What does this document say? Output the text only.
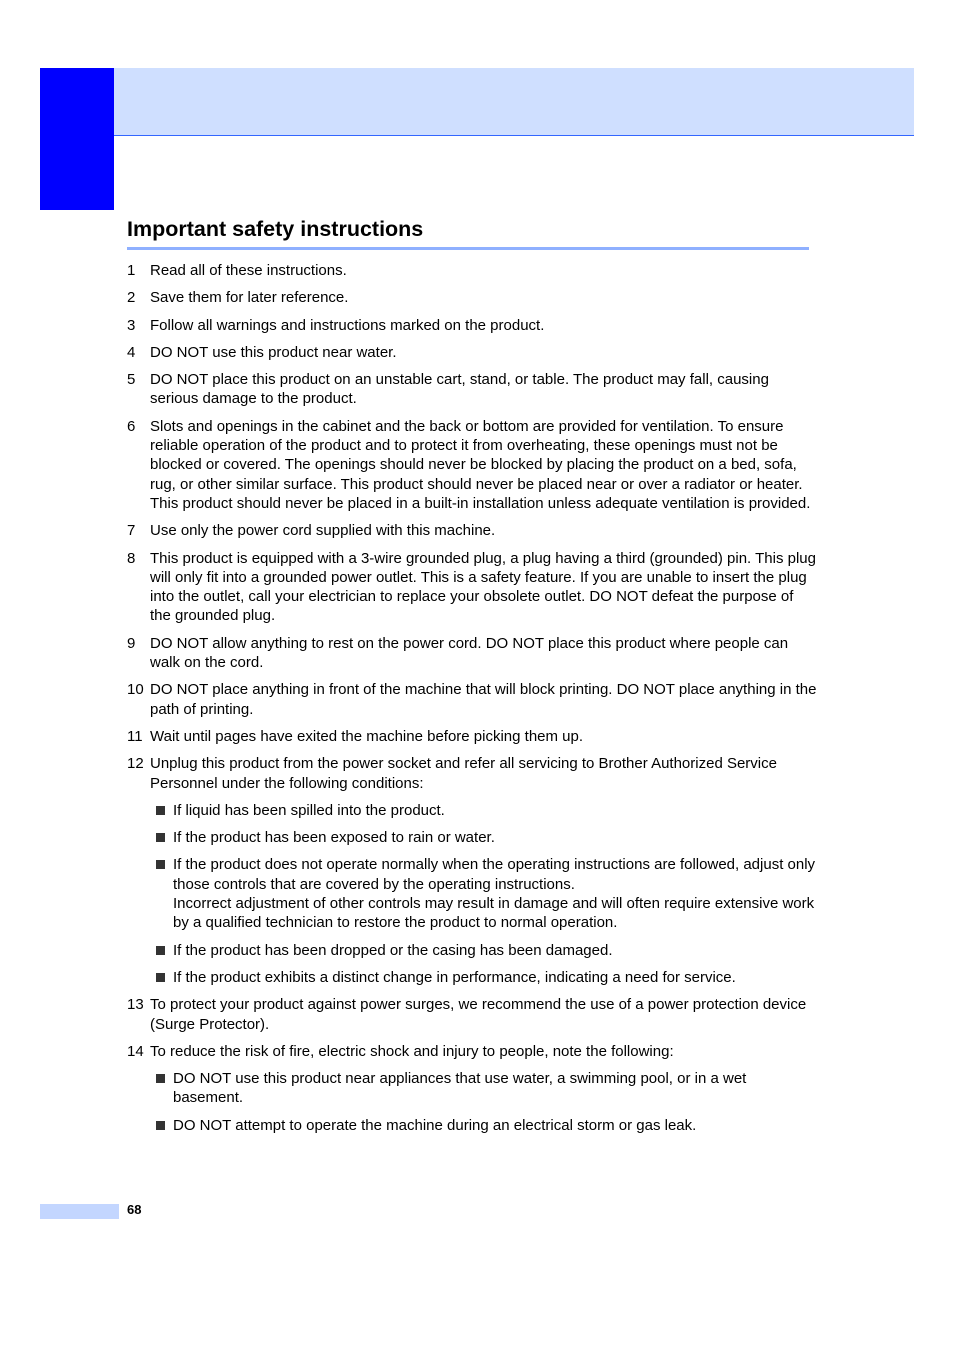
Important safety instructions
1 Read all of these instructions.
2 Save them for later reference.
3 Follow all warnings and instructions marked on the product.
4 DO NOT use this product near water.
5 DO NOT place this product on an unstable cart, stand, or table. The product may fall, causing serious damage to the product.
6 Slots and openings in the cabinet and the back or bottom are provided for ventilation. To ensure reliable operation of the product and to protect it from overheating, these openings must not be blocked or covered. The openings should never be blocked by placing the product on a bed, sofa, rug, or other similar surface. This product should never be placed near or over a radiator or heater. This product should never be placed in a built-in installation unless adequate ventilation is provided.
7 Use only the power cord supplied with this machine.
8 This product is equipped with a 3-wire grounded plug, a plug having a third (grounded) pin. This plug will only fit into a grounded power outlet. This is a safety feature. If you are unable to insert the plug into the outlet, call your electrician to replace your obsolete outlet. DO NOT defeat the purpose of the grounded plug.
9 DO NOT allow anything to rest on the power cord. DO NOT place this product where people can walk on the cord.
10 DO NOT place anything in front of the machine that will block printing. DO NOT place anything in the path of printing.
11 Wait until pages have exited the machine before picking them up.
12 Unplug this product from the power socket and refer all servicing to Brother Authorized Service Personnel under the following conditions:
If liquid has been spilled into the product.
If the product has been exposed to rain or water.
If the product does not operate normally when the operating instructions are followed, adjust only those controls that are covered by the operating instructions.
Incorrect adjustment of other controls may result in damage and will often require extensive work by a qualified technician to restore the product to normal operation.
If the product has been dropped or the casing has been damaged.
If the product exhibits a distinct change in performance, indicating a need for service.
13 To protect your product against power surges, we recommend the use of a power protection device (Surge Protector).
14 To reduce the risk of fire, electric shock and injury to people, note the following:
DO NOT use this product near appliances that use water, a swimming pool, or in a wet basement.
DO NOT attempt to operate the machine during an electrical storm or gas leak.
68
